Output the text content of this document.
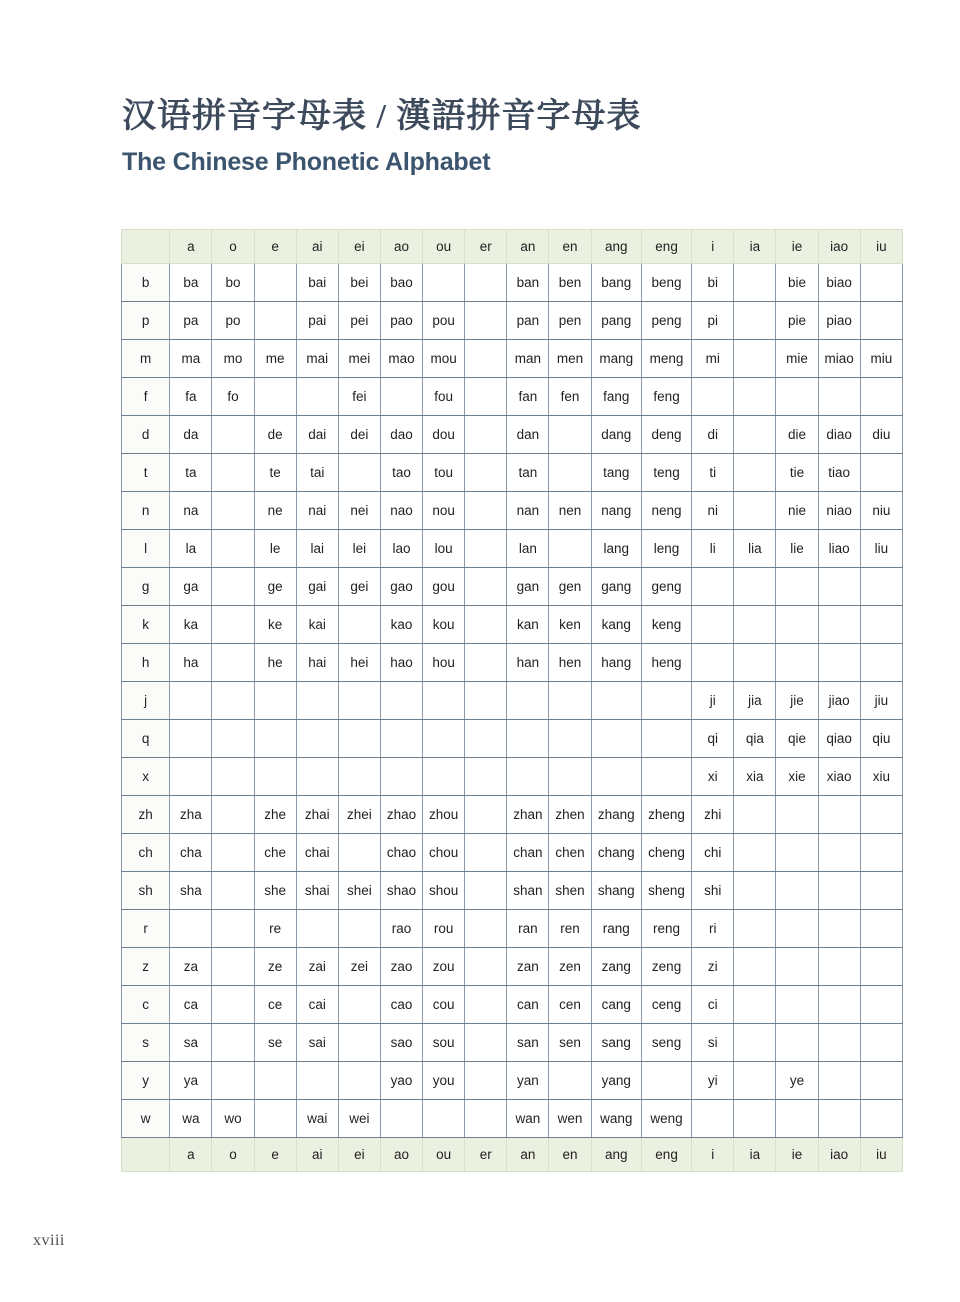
汉语拼音字母表 / 漢語拼音字母表
The Chinese Phonetic Alphabet
	a	o	e	ai	ei	ao	ou	er	an	en	ang	eng	i	ia	ie	iao	iu
b	ba	bo		bai	bei	bao			ban	ben	bang	beng	bi		bie	biao	
p	pa	po		pai	pei	pao	pou		pan	pen	pang	peng	pi		pie	piao	
m	ma	mo	me	mai	mei	mao	mou		man	men	mang	meng	mi		mie	miao	miu
f	fa	fo			fei		fou		fan	fen	fang	feng					
d	da		de	dai	dei	dao	dou		dan		dang	deng	di		die	diao	diu
t	ta		te	tai		tao	tou		tan		tang	teng	ti		tie	tiao	
n	na		ne	nai	nei	nao	nou		nan	nen	nang	neng	ni		nie	niao	niu
l	la		le	lai	lei	lao	lou		lan		lang	leng	li	lia	lie	liao	liu
g	ga		ge	gai	gei	gao	gou		gan	gen	gang	geng					
k	ka		ke	kai		kao	kou		kan	ken	kang	keng					
h	ha		he	hai	hei	hao	hou		han	hen	hang	heng					
j													ji	jia	jie	jiao	jiu
q													qi	qia	qie	qiao	qiu
x													xi	xia	xie	xiao	xiu
zh	zha		zhe	zhai	zhei	zhao	zhou		zhan	zhen	zhang	zheng	zhi				
ch	cha		che	chai		chao	chou		chan	chen	chang	cheng	chi				
sh	sha		she	shai	shei	shao	shou		shan	shen	shang	sheng	shi				
r			re			rao	rou		ran	ren	rang	reng	ri				
z	za		ze	zai	zei	zao	zou		zan	zen	zang	zeng	zi				
c	ca		ce	cai		cao	cou		can	cen	cang	ceng	ci				
s	sa		se	sai		sao	sou		san	sen	sang	seng	si				
y	ya					yao	you		yan		yang		yi		ye		
w	wa	wo		wai	wei				wan	wen	wang	weng					
	a	o	e	ai	ei	ao	ou	er	an	en	ang	eng	i	ia	ie	iao	iu
xviii
